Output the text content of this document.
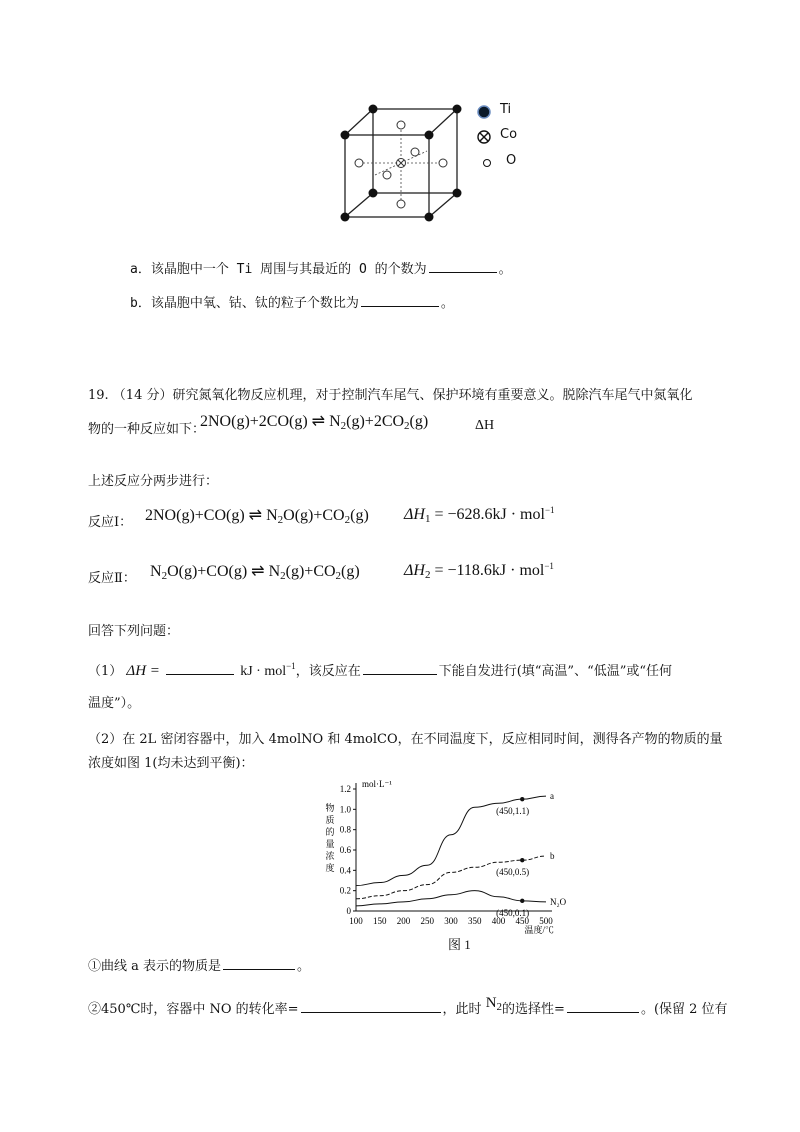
Ti
Co
O
a．该晶胞中一个 Ti 周围与其最近的 O 的个数为	。
b．该晶胞中氧、钴、钛的粒子个数比为	。
19. （14 分）研究氮氧化物反应机理，对于控制汽车尾气、保护环境有重要意义。脱除汽车尾气中氮氧化
物的一种反应如下：
2NO(g)+2CO(g) ⇌ $N_2(g)+2CO_2(g)$	ΔH
上述反应分两步进行：
反应Ⅰ： 2NO(g)+CO(g) ⇌ $N_2O(g)+CO_2(g) \Delta H_1 = -628.6kJ \cdot mol^{-1}$
反应Ⅱ： $N_2O(g)+CO(g)$ ⇌ $N_2(g)+CO_2(g)$	$\Delta H_2 = -118.6kJ \cdot mol^{-1}$
回答下列问题：
（1） ΔH =	kJ · mol$^{-1}$，该反应在	下能自发进行(填“高温”、“低温”或“任何
温度”）。
（2）在 2L 密闭容器中，加入 4molNO 和 4molCO，在不同温度下，反应相同时间，测得各产物的物质的量
浓度如图 1(均未达到平衡)：
100 150 200 250 300 350 400 450 500
0
0.2
0.4
0.6
0.8
1.0
1.2 mol·L⁻¹
温度/℃
物
质
的
量
浓
度
a
(450,1.1)
b
(450,0.5)
N₂O
(450,0.1)
图 1
①曲线 a 表示的物质是	。
②450℃时，容器中 NO 的转化率=	，此时 $N_2$的选择性=	。(保留 2 位有
